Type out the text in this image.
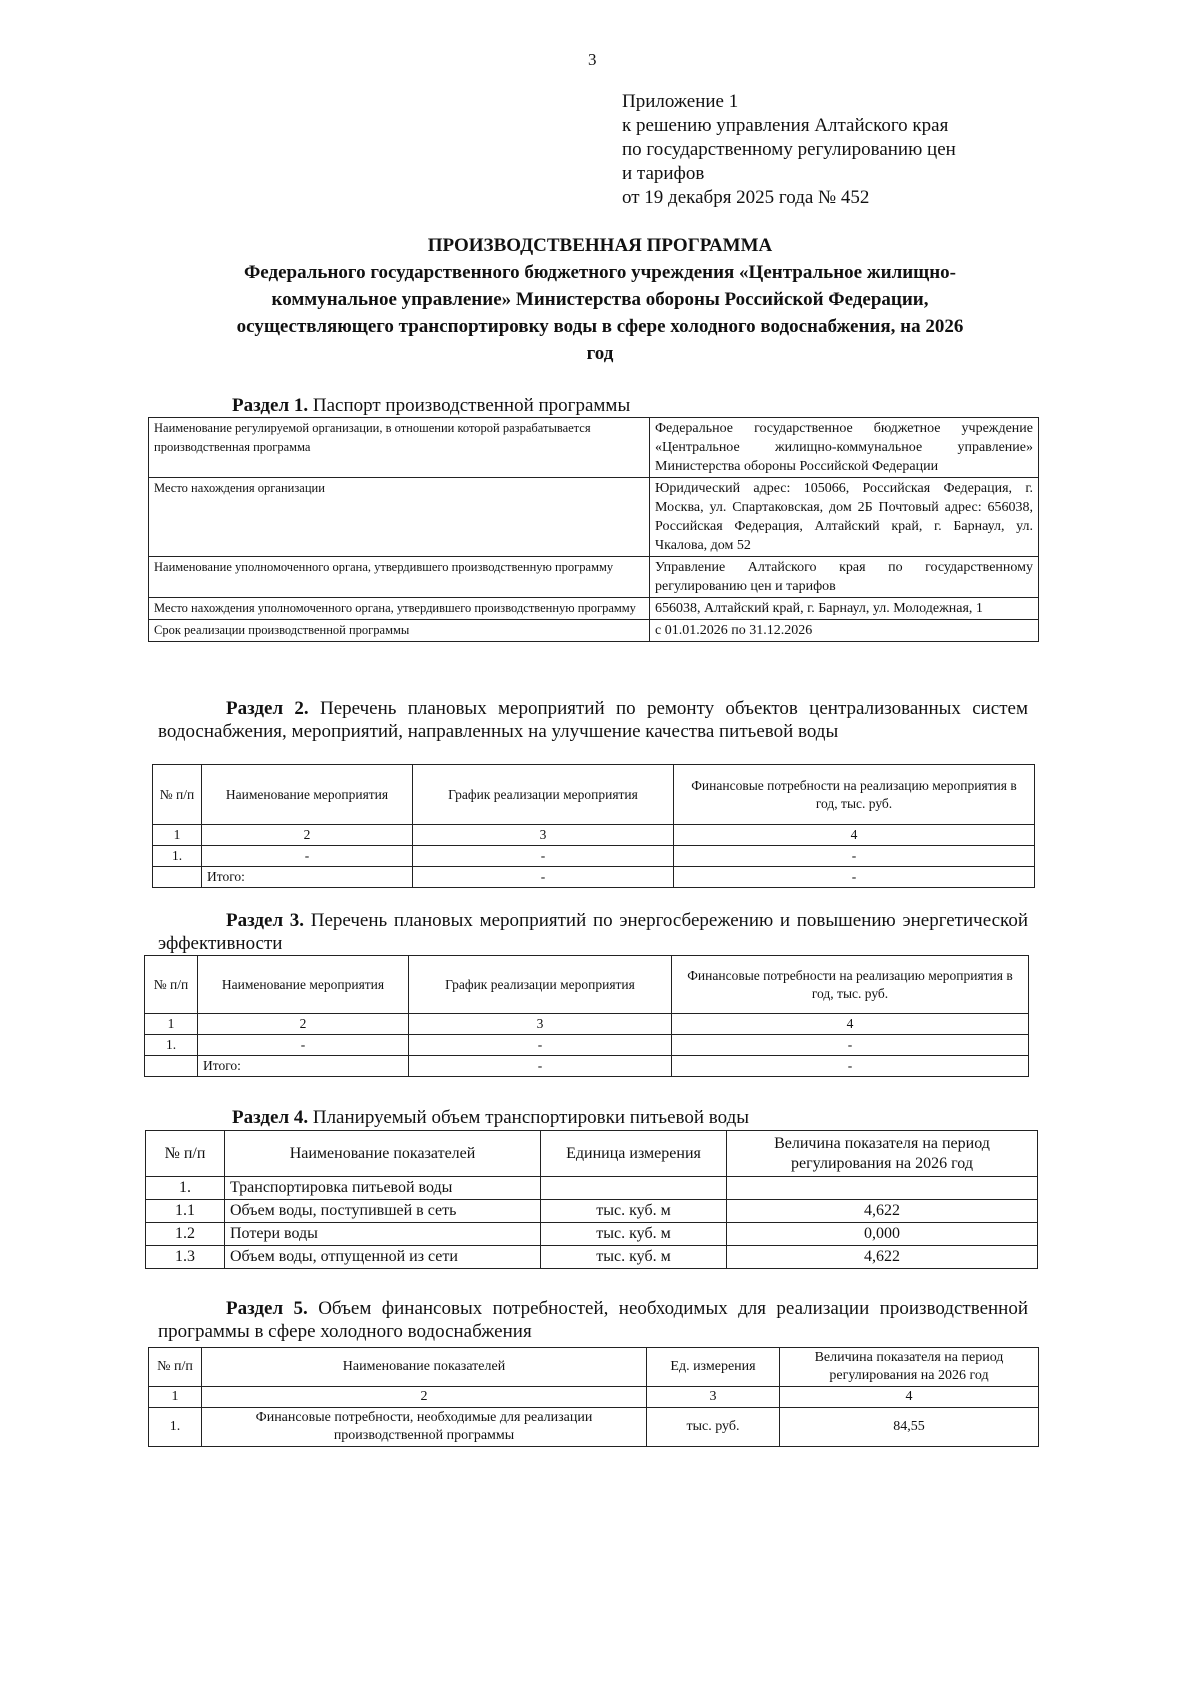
3
Приложение 1
к решению управления Алтайского края
по государственному регулированию цен
и тарифов
от 19 декабря 2025 года № 452
ПРОИЗВОДСТВЕННАЯ ПРОГРАММА
Федерального государственного бюджетного учреждения «Центральное жилищно-
коммунальное управление» Министерства обороны Российской Федерации,
осуществляющего транспортировку воды в сфере холодного водоснабжения, на 2026
год
Раздел 1. Паспорт производственной программы
Наименование регулируемой организации, в отношении которой разрабатывается производственная программа	Федеральное государственное бюджетное учреждение «Центральное жилищно-коммунальное управление» Министерства обороны Российской Федерации
Место нахождения организации	Юридический адрес: 105066, Российская Федерация, г. Москва, ул. Спартаковская, дом 2Б Почтовый адрес: 656038, Российская Федерация, Алтайский край, г. Барнаул, ул. Чкалова, дом 52
Наименование уполномоченного органа, утвердившего производственную программу	Управление Алтайского края по государственному регулированию цен и тарифов
Место нахождения уполномоченного органа, утвердившего производственную программу	656038, Алтайский край, г. Барнаул, ул. Молодежная, 1
Срок реализации производственной программы	с 01.01.2026 по 31.12.2026
Раздел 2. Перечень плановых мероприятий по ремонту объектов централизованных систем водоснабжения, мероприятий, направленных на улучшение качества питьевой воды
№ п/п	Наименование мероприятия	График реализации мероприятия	Финансовые потребности на реализацию мероприятия в год, тыс. руб.
1	2	3	4
1.	-	-	-
	Итого:	-	-
Раздел 3. Перечень плановых мероприятий по энергосбережению и повышению энергетической эффективности
№ п/п	Наименование мероприятия	График реализации мероприятия	Финансовые потребности на реализацию мероприятия в год, тыс. руб.
1	2	3	4
1.	-	-	-
	Итого:	-	-
Раздел 4. Планируемый объем транспортировки питьевой воды
№ п/п	Наименование показателей	Единица измерения	Величина показателя на период регулирования на 2026 год
1.	Транспортировка питьевой воды		
1.1	Объем воды, поступившей в сеть	тыс. куб. м	4,622
1.2	Потери воды	тыс. куб. м	0,000
1.3	Объем воды, отпущенной из сети	тыс. куб. м	4,622
Раздел 5. Объем финансовых потребностей, необходимых для реализации производственной программы в сфере холодного водоснабжения
№ п/п	Наименование показателей	Ед. измерения	Величина показателя на период регулирования на 2026 год
1	2	3	4
1.	Финансовые потребности, необходимые для реализации производственной программы	тыс. руб.	84,55
